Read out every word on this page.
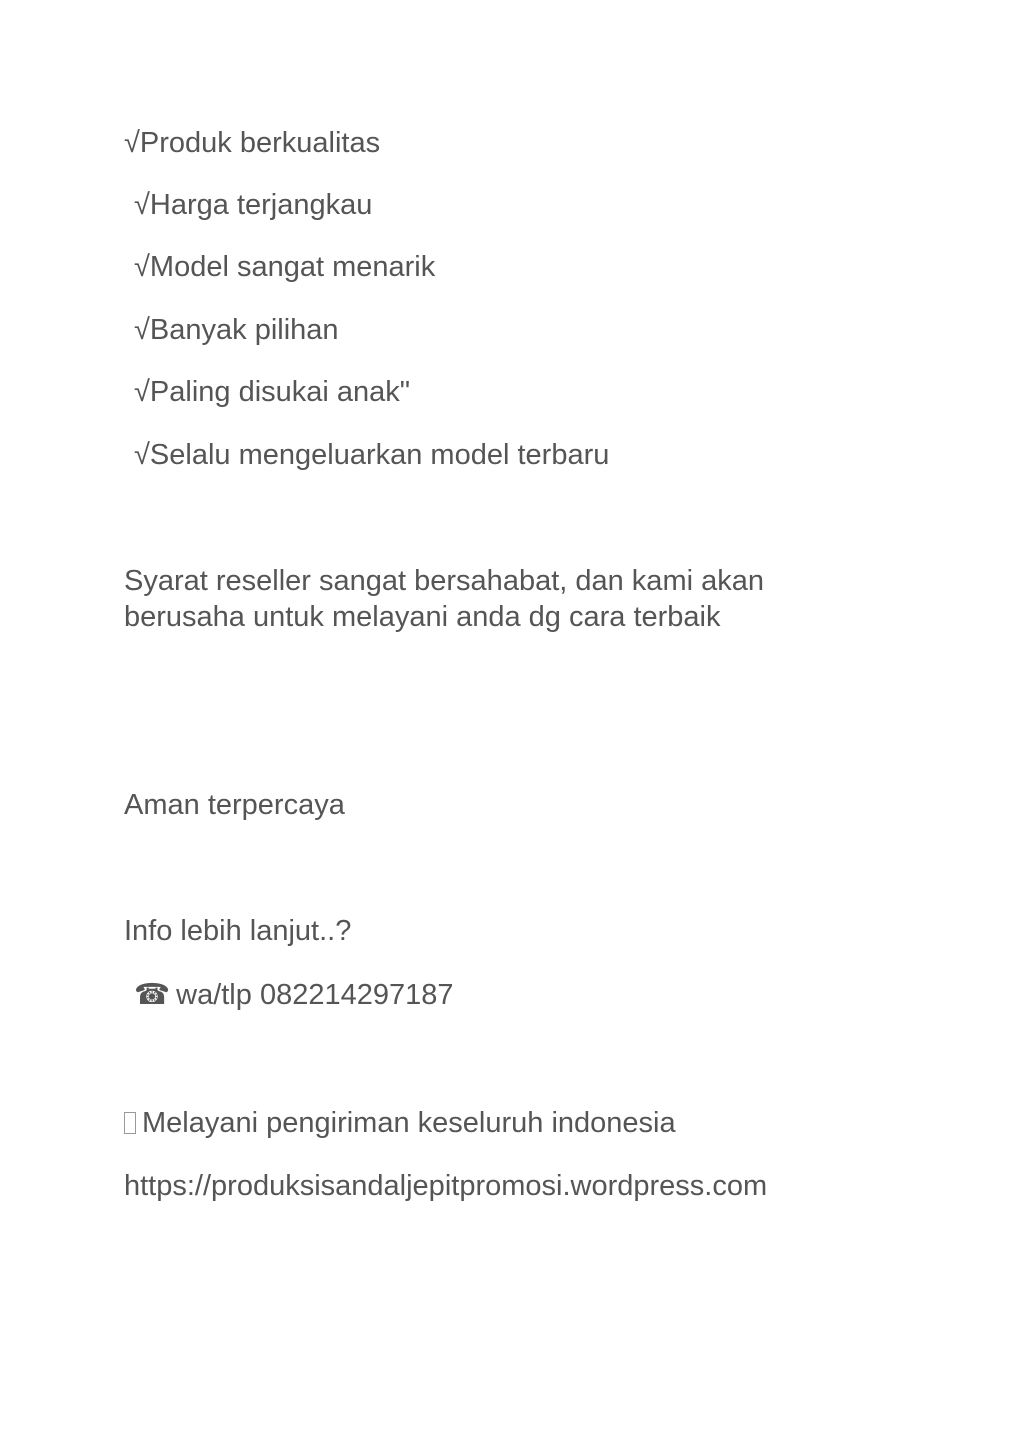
√Produk berkualitas
√Harga terjangkau
√Model sangat menarik
√Banyak pilihan
√Paling disukai anak"
√Selalu mengeluarkan model terbaru
Syarat reseller sangat bersahabat, dan kami akan
berusaha untuk melayani anda dg cara terbaik
Aman terpercaya
Info lebih lanjut..?
☎ wa/tlp 082214297187
Melayani pengiriman keseluruh indonesia
https://produksisandaljepitpromosi.wordpress.com
